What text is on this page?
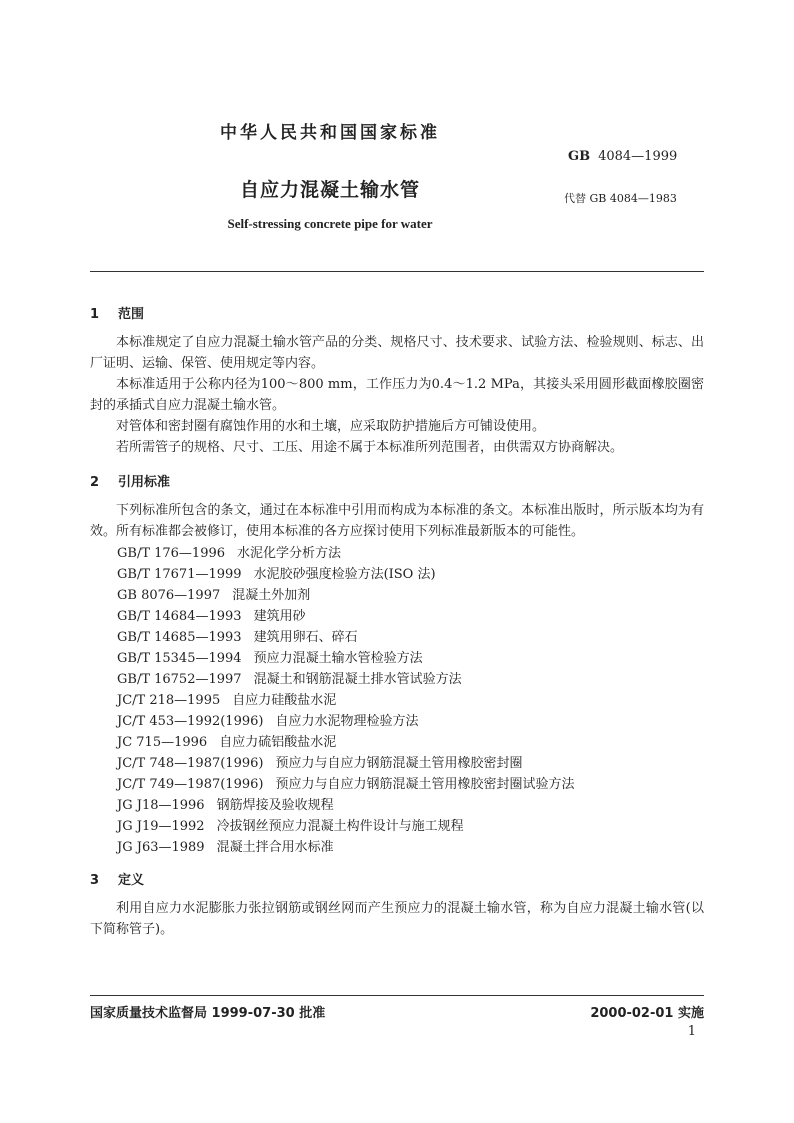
中华人民共和国国家标准
GB 4084—1999
自应力混凝土输水管	代替 GB 4084—1983
Self-stressing concrete pipe for water
1 范围
本标准规定了自应力混凝土输水管产品的分类、规格尺寸、技术要求、试验方法、检验规则、标志、出厂证明、运输、保管、使用规定等内容。
本标准适用于公称内径为100～800 mm，工作压力为0.4～1.2 MPa，其接头采用圆形截面橡胶圈密封的承插式自应力混凝土输水管。
对管体和密封圈有腐蚀作用的水和土壤，应采取防护措施后方可铺设使用。
若所需管子的规格、尺寸、工压、用途不属于本标准所列范围者，由供需双方协商解决。
2 引用标准
下列标准所包含的条文，通过在本标准中引用而构成为本标准的条文。本标准出版时，所示版本均为有效。所有标准都会被修订，使用本标准的各方应探讨使用下列标准最新版本的可能性。
GB/T 176—1996 水泥化学分析方法
GB/T 17671—1999 水泥胶砂强度检验方法(ISO 法)
GB 8076—1997 混凝土外加剂
GB/T 14684—1993 建筑用砂
GB/T 14685—1993 建筑用卵石、碎石
GB/T 15345—1994 预应力混凝土输水管检验方法
GB/T 16752—1997 混凝土和钢筋混凝土排水管试验方法
JC/T 218—1995 自应力硅酸盐水泥
JC/T 453—1992(1996) 自应力水泥物理检验方法
JC 715—1996 自应力硫铝酸盐水泥
JC/T 748—1987(1996) 预应力与自应力钢筋混凝土管用橡胶密封圈
JC/T 749—1987(1996) 预应力与自应力钢筋混凝土管用橡胶密封圈试验方法
JG J18—1996 钢筋焊接及验收规程
JG J19—1992 冷拔钢丝预应力混凝土构件设计与施工规程
JG J63—1989 混凝土拌合用水标准
3 定义
利用自应力水泥膨胀力张拉钢筋或钢丝网而产生预应力的混凝土输水管，称为自应力混凝土输水管(以下简称管子)。
国家质量技术监督局 1999-07-30 批准	2000-02-01 实施
1
